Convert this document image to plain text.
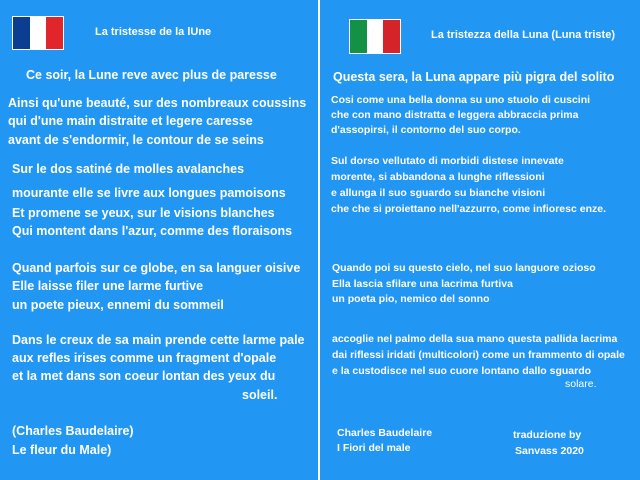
La tristesse de la lUne	La tristezza della Luna (Luna triste)
Ce soir, la Lune reve avec plus de paresse
Ainsi qu'une beauté, sur des nombreaux coussins
qui d'une main distraite et legere caresse
avant de s'endormir, le contour de se seins
Sur le dos satiné de molles avalanches
mourante elle se livre aux longues pamoisons
Et promene se yeux, sur le visions blanches
Qui montent dans l'azur, comme des floraisons
Quand parfois sur ce globe, en sa languer oisive
Elle laisse filer une larme furtive
un poete pieux, ennemi du sommeil
Dans le creux de sa main prende cette larme pale
aux refles irises comme un fragment d'opale
et la met dans son coeur lontan des yeux du
soleil.
(Charles Baudelaire)
Le fleur du Male)
Questa sera, la Luna appare più pigra del solito
Cosi come una bella donna su uno stuolo di cuscini
che con mano distratta e leggera abbraccia prima
d'assopirsi, il contorno del suo corpo.
Sul dorso vellutato di morbidi distese innevate
morente, si abbandona a lunghe riflessioni
e allunga il suo sguardo su bianche visioni
che che si proiettano nell'azzurro, come infioresc enze.
Quando poi su questo cielo, nel suo languore ozioso
Ella lascia sfilare una lacrima furtiva
un poeta pio, nemico del sonno
accoglie nel palmo della sua mano questa pallida lacrima
dai riflessi iridati (multicolori) come un frammento di opale
e la custodisce nel suo cuore lontano dallo sguardo
solare.
Charles Baudelaire
I Fiori del male
traduzione by
Sanvass 2020
